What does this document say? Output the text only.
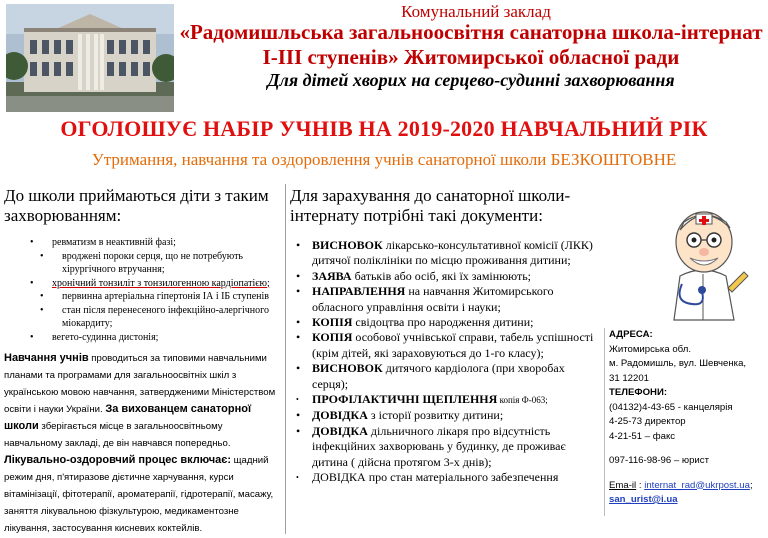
Комунальний заклад
«Радомишльська загальноосвітня санаторна школа-інтернат І-ІІІ ступенів» Житомирської обласної ради
Для дітей хворих на серцево-судинні захворювання
ОГОЛОШУЄ НАБІР УЧНІВ НА 2019-2020 НАВЧАЛЬНИЙ РІК
Утримання, навчання та оздоровлення учнів санаторної школи БЕЗКОШТОВНЕ
До школи приймаються діти з таким захворюванням:
• ревматизм в неактивній фазі;
• вроджені пороки серця, що не потребують хірургічного втручання;
• хронічний тонзиліт з тонзилогенною кардіопатією;
• первинна артеріальна гіпертонія ІА і ІБ ступенів
• стан після перенесеного інфекційно-алергічного міокардиту;
• вегето-судинна дистонія;

Навчання учнів проводиться за типовими навчальними планами та програмами для загальноосвітніх шкіл з українською мовою навчання, затвердженими Міністерством освіти і науки України. За вихованцем санаторної школи зберігається місце в загальноосвітньому навчальному закладі, де він навчався попередньо.

Лікувально-оздоровчий процес включає: щадний режим дня, п'ятиразове дієтичне харчування, курси вітамінізації, фітотерапії, ароматерапії, гідротерапії, масажу, заняття лікувальною фізкультурою, медикаментозне лікування, застосування кисневих коктейлів.

Для зарахування до санаторної школи-інтернату потрібні такі документи:
• ВИСНОВОК лікарсько-консультативної комісії (ЛКК) дитячої поліклініки по місцю проживання дитини;
• ЗАЯВА батьків або осіб, які їх замінюють;
• НАПРАВЛЕННЯ на навчання Житомирського обласного управління освіти і науки;
• КОПІЯ свідоцтва про народження дитини;
• КОПІЯ особової учнівської справи, табель успішності (крім дітей, які зараховуються до 1-го класу);
• ВИСНОВОК дитячого кардіолога (при хворобах серця);
• ПРОФІЛАКТИЧНІ ЩЕПЛЕННЯ копія Ф-063;
• ДОВІДКА з історії розвитку дитини;
• ДОВІДКА дільничного лікаря про відсутність інфекційних захворювань у будинку, де проживає дитина ( дійсна протягом 3-х днів);
• ДОВІДКА про стан матеріального забезпечення
АДРЕСА:
Житомирська обл.
м. Радомишль, вул. Шевченка,
31 12201
ТЕЛЕФОНИ:
(04132)4-43-65 - канцелярія
4-25-73 директор
4-21-51 – факс
097-116-98-96 – юрист
Ema-il : internat_rad@ukrpost.ua;
san_urist@i.ua
